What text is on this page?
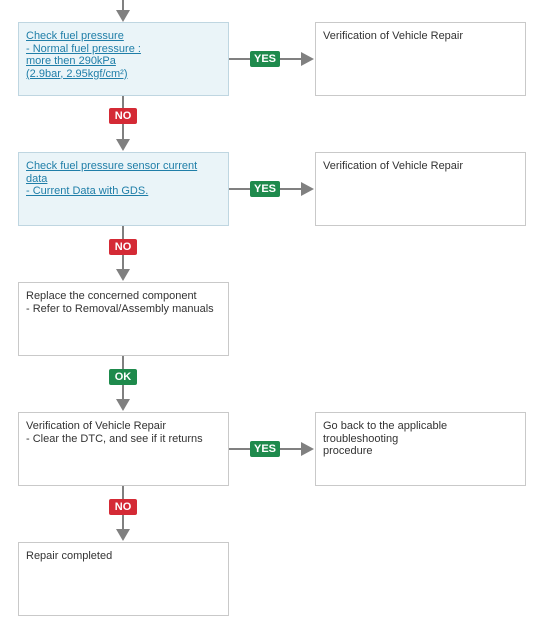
Check fuel pressure
- Normal fuel pressure :
more then 290kPa
(2.9bar, 2.95kgf/cm²)
Verification of Vehicle Repair
YES
NO
Check fuel pressure sensor current data
- Current Data with GDS.
Verification of Vehicle Repair
YES
NO
Replace the concerned component
- Refer to Removal/Assembly manuals
OK
Verification of Vehicle Repair
- Clear the DTC, and see if it returns
Go back to the applicable troubleshooting
procedure
YES
NO
Repair completed
